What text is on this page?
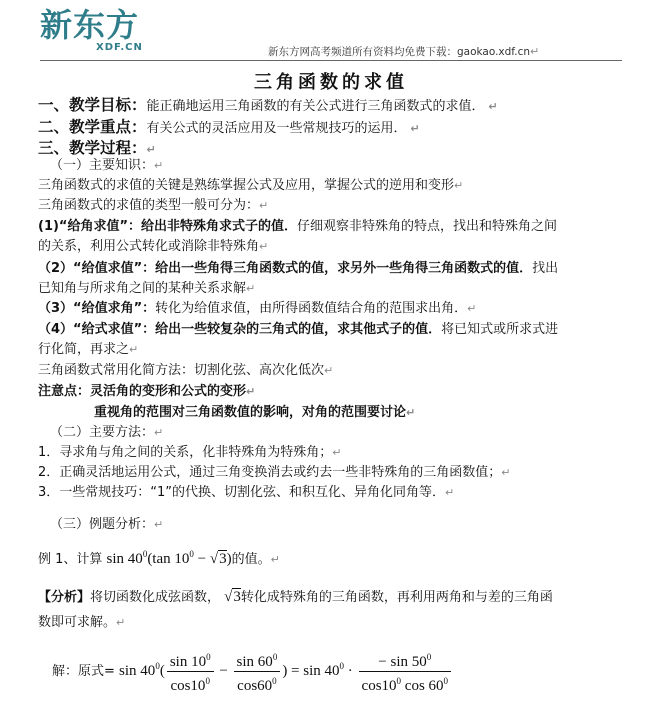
新东方
XDF.CN	新东方网高考频道所有资料均免费下载：gaokao.xdf.cn↵
三角函数的求值
一、教学目标：能正确地运用三角函数的有关公式进行三角函数式的求值． ↵
二、教学重点：有关公式的灵活应用及一些常规技巧的运用． ↵
三、教学过程：↵
（一）主要知识：↵
三角函数式的求值的关键是熟练掌握公式及应用，掌握公式的逆用和变形↵
三角函数式的求值的类型一般可分为：↵
(1)“给角求值”：给出非特殊角求式子的值．仔细观察非特殊角的特点，找出和特殊角之间
的关系，利用公式转化或消除非特殊角↵
（2）“给值求值”：给出一些角得三角函数式的值，求另外一些角得三角函数式的值．找出
已知角与所求角之间的某种关系求解↵
（3）“给值求角”：转化为给值求值，由所得函数值结合角的范围求出角．↵
（4）“给式求值”：给出一些较复杂的三角式的值，求其他式子的值．将已知式或所求式进
行化简，再求之↵
三角函数式常用化简方法：切割化弦、高次化低次↵
注意点：灵活角的变形和公式的变形↵
重视角的范围对三角函数值的影响，对角的范围要讨论↵
（二）主要方法：↵
1．寻求角与角之间的关系，化非特殊角为特殊角；↵
2．正确灵活地运用公式，通过三角变换消去或约去一些非特殊角的三角函数值；↵
3．一些常规技巧：“1”的代换、切割化弦、和积互化、异角化同角等．↵
（三）例题分析：↵
例 1、计算 $\sin 40^0(\tan$ $10^0 - √3$)的值。↵
【分析】将切函数化成弦函数， √3转化成特殊角的三角函数，再利用两角和与差的三角函
数即可求解。↵
解：原式= $\sin 40^0( \frac{\sin 10^0}{\cos 10^0} - \frac{\sin 60^0}{\cos 60^0}$ ) = $\sin 40^0 \cdot \frac{- \sin 50^0}{\cos 10^0 \cos 60^0}$
